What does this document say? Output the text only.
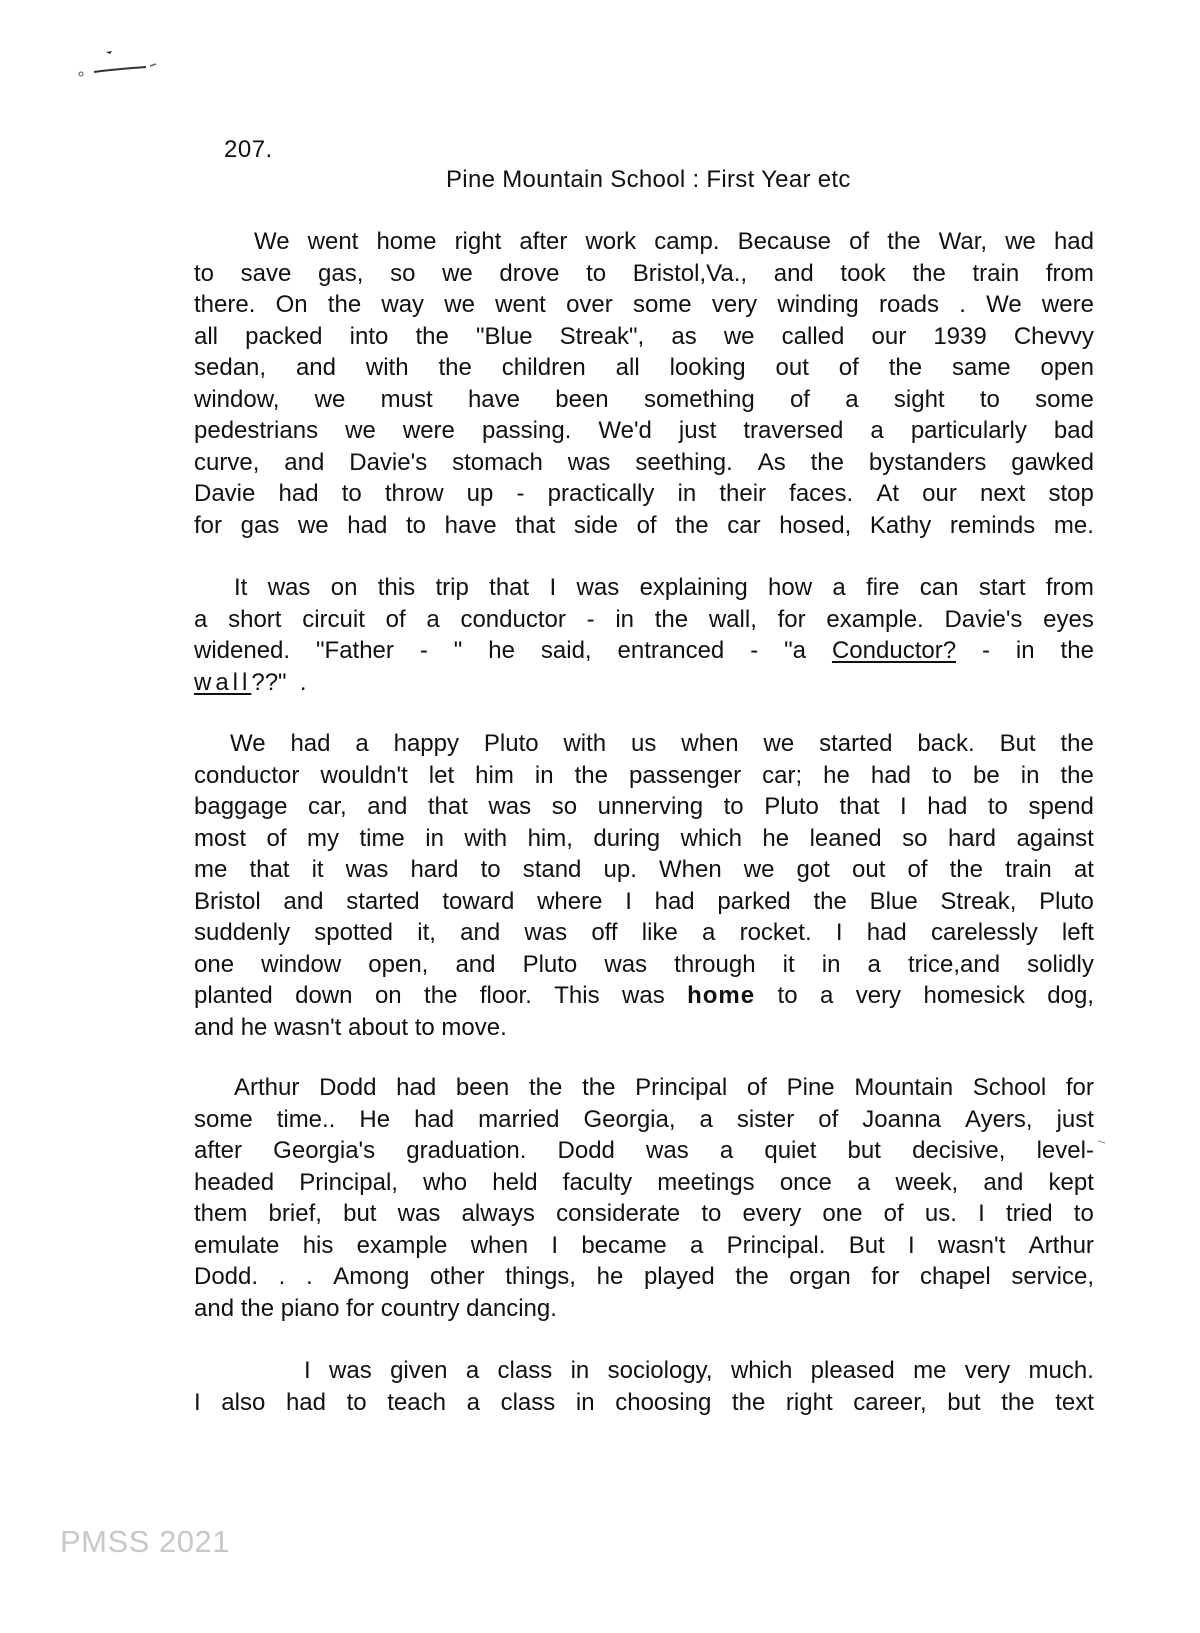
207.
Pine Mountain School : First Year etc
We went home right after work camp. Because of the War, we had
to save gas, so we drove to Bristol,Va., and took the train from
there. On the way we went over some very winding roads . We were
all packed into the "Blue Streak", as we called our 1939 Chevvy
sedan, and with the children all looking out of the same open
window, we must have been something of a sight to some
pedestrians we were passing. We'd just traversed a particularly bad
curve, and Davie's stomach was seething. As the bystanders gawked
Davie had to throw up - practically in their faces. At our next stop
for gas we had to have that side of the car hosed, Kathy reminds me.
It was on this trip that I was explaining how a fire can start from
a short circuit of a conductor - in the wall, for example. Davie's eyes
widened. "Father - " he said, entranced - "a Conductor? - in the
wall ??"  .
We had a happy Pluto with us when we started back. But the
conductor wouldn't let him in the passenger car; he had to be in the
baggage car, and that was so unnerving to Pluto that I had to spend
most of my time in with him, during which he leaned so hard against
me that it was hard to stand up. When we got out of the train at
Bristol and started toward where I had parked the Blue Streak, Pluto
suddenly spotted it, and was off like a rocket. I had carelessly left
one window open, and Pluto was through it in a trice,and solidly
planted down on the floor. This was home to a very homesick dog,
and he wasn't about to move.
Arthur Dodd had been the the Principal of Pine Mountain School for
some time.. He had married Georgia, a sister of Joanna Ayers, just
after Georgia's graduation. Dodd was a quiet but decisive, level-
headed Principal, who held faculty meetings once a week, and kept
them brief, but was always considerate to every one of us. I tried to
emulate his example when I became a Principal. But I wasn't Arthur
Dodd. . . Among other things, he played the organ for chapel service,
and the piano for country dancing.
I was given a class in sociology, which pleased me very much.
I also had to teach a class in choosing the right career, but the text
PMSS 2021
